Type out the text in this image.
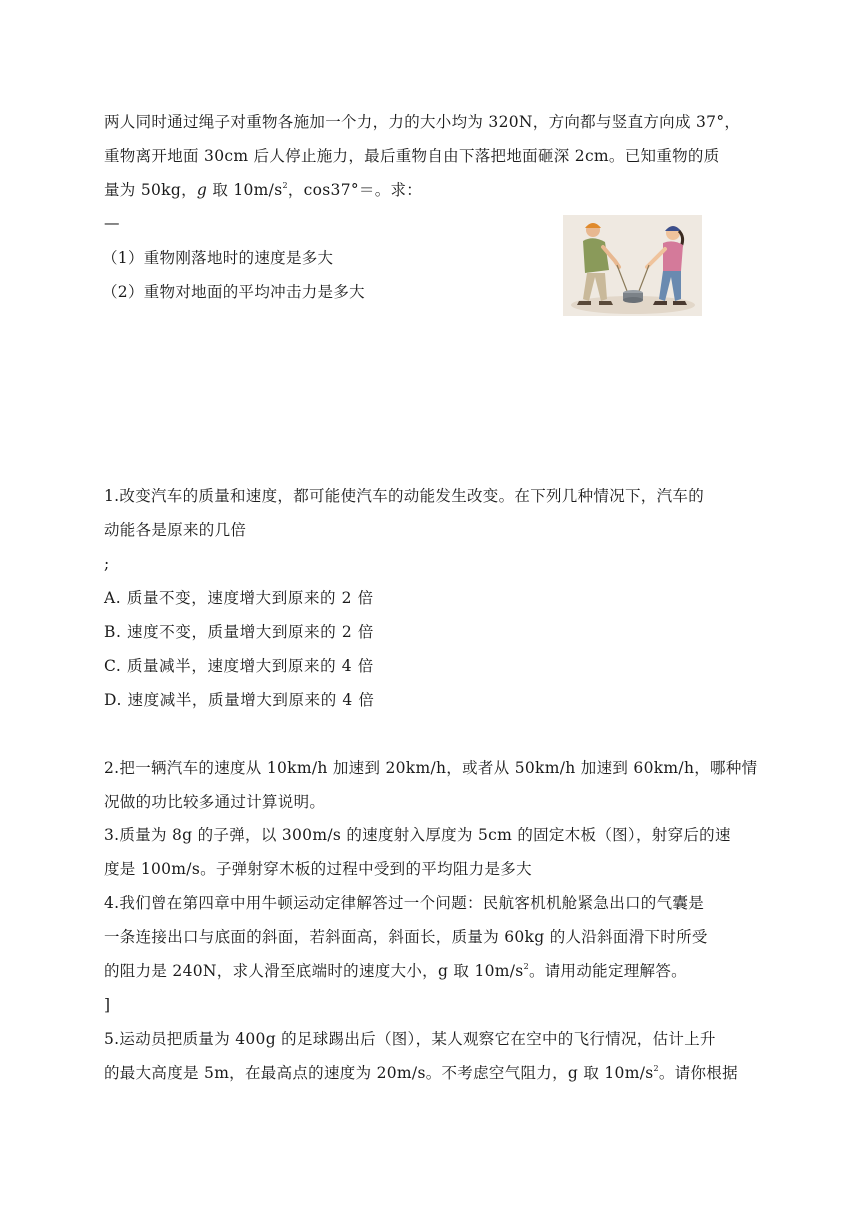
两人同时通过绳子对重物各施加一个力，力的大小均为 320N，方向都与竖直方向成 37°，
重物离开地面 30cm 后人停止施力，最后重物自由下落把地面砸深 2cm。已知重物的质
量为 50kg，g 取 $10m/s^2$，cos37°＝。求：
—
（1）重物刚落地时的速度是多大
（2）重物对地面的平均冲击力是多大
1.改变汽车的质量和速度，都可能使汽车的动能发生改变。在下列几种情况下，汽车的
动能各是原来的几倍
;
A. 质量不变，速度增大到原来的 2 倍
B. 速度不变，质量增大到原来的 2 倍
C. 质量减半，速度增大到原来的 4 倍
D. 速度减半，质量增大到原来的 4 倍
2.把一辆汽车的速度从 10km/h 加速到 20km/h，或者从 50km/h 加速到 60km/h，哪种情
况做的功比较多通过计算说明。
3.质量为 8g 的子弹，以 300m/s 的速度射入厚度为 5cm 的固定木板（图），射穿后的速
度是 100m/s。子弹射穿木板的过程中受到的平均阻力是多大
4.我们曾在第四章中用牛顿运动定律解答过一个问题：民航客机机舱紧急出口的气囊是
一条连接出口与底面的斜面，若斜面高，斜面长，质量为 60kg 的人沿斜面滑下时所受
的阻力是 240N，求人滑至底端时的速度大小，g 取 $10m/s^2$。请用动能定理解答。
]
5.运动员把质量为 400g 的足球踢出后（图），某人观察它在空中的飞行情况，估计上升
的最大高度是 5m，在最高点的速度为 20m/s。不考虑空气阻力，g 取 $10m/s^2$。请你根据
